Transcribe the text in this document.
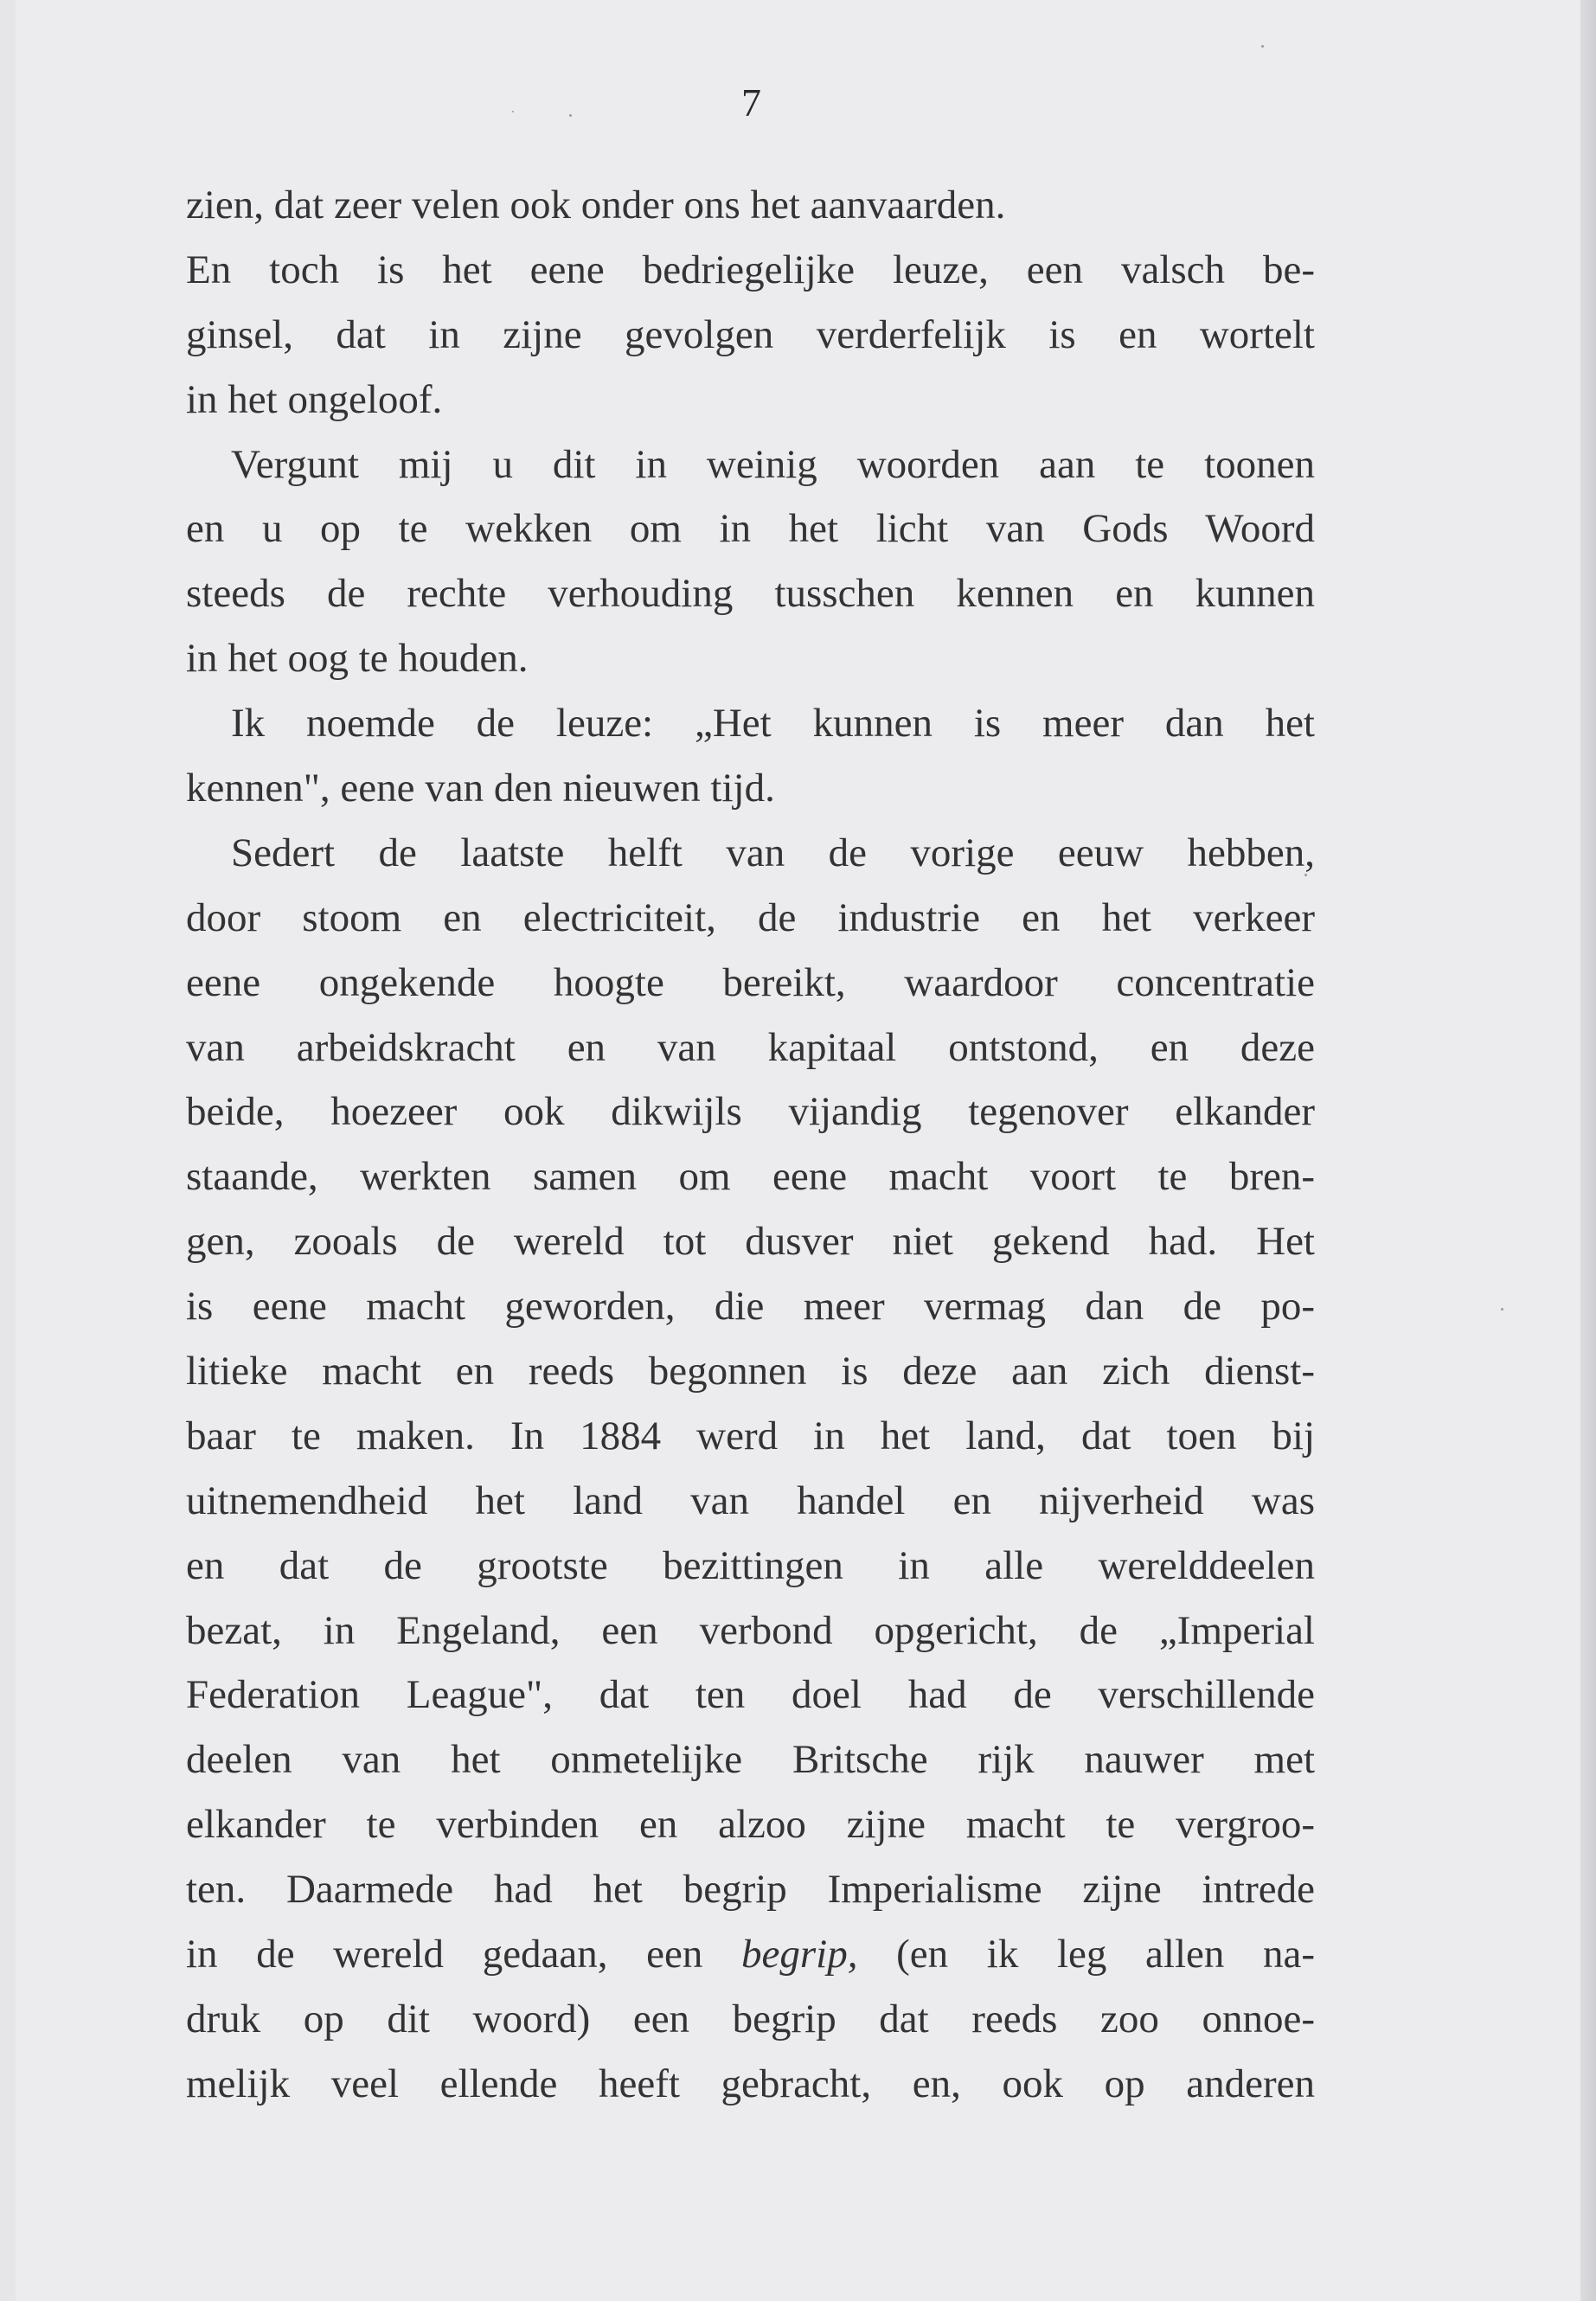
7
zien, dat zeer velen ook onder ons het aanvaarden.
En toch is het eene bedriegelijke leuze, een valsch be-
ginsel, dat in zijne gevolgen verderfelijk is en wortelt
in het ongeloof.
Vergunt mij u dit in weinig woorden aan te toonen
en u op te wekken om in het licht van Gods Woord
steeds de rechte verhouding tusschen kennen en kunnen
in het oog te houden.
Ik noemde de leuze: „Het kunnen is meer dan het
kennen", eene van den nieuwen tijd.
Sedert de laatste helft van de vorige eeuw hebben,
door stoom en electriciteit, de industrie en het verkeer
eene ongekende hoogte bereikt, waardoor concentratie
van arbeidskracht en van kapitaal ontstond, en deze
beide, hoezeer ook dikwijls vijandig tegenover elkander
staande, werkten samen om eene macht voort te bren-
gen, zooals de wereld tot dusver niet gekend had. Het
is eene macht geworden, die meer vermag dan de po-
litieke macht en reeds begonnen is deze aan zich dienst-
baar te maken. In 1884 werd in het land, dat toen bij
uitnemendheid het land van handel en nijverheid was
en dat de grootste bezittingen in alle werelddeelen
bezat, in Engeland, een verbond opgericht, de „Imperial
Federation League", dat ten doel had de verschillende
deelen van het onmetelijke Britsche rijk nauwer met
elkander te verbinden en alzoo zijne macht te vergroo-
ten. Daarmede had het begrip Imperialisme zijne intrede
in de wereld gedaan, een begrip, (en ik leg allen na-
druk op dit woord) een begrip dat reeds zoo onnoe-
melijk veel ellende heeft gebracht, en, ook op anderen
